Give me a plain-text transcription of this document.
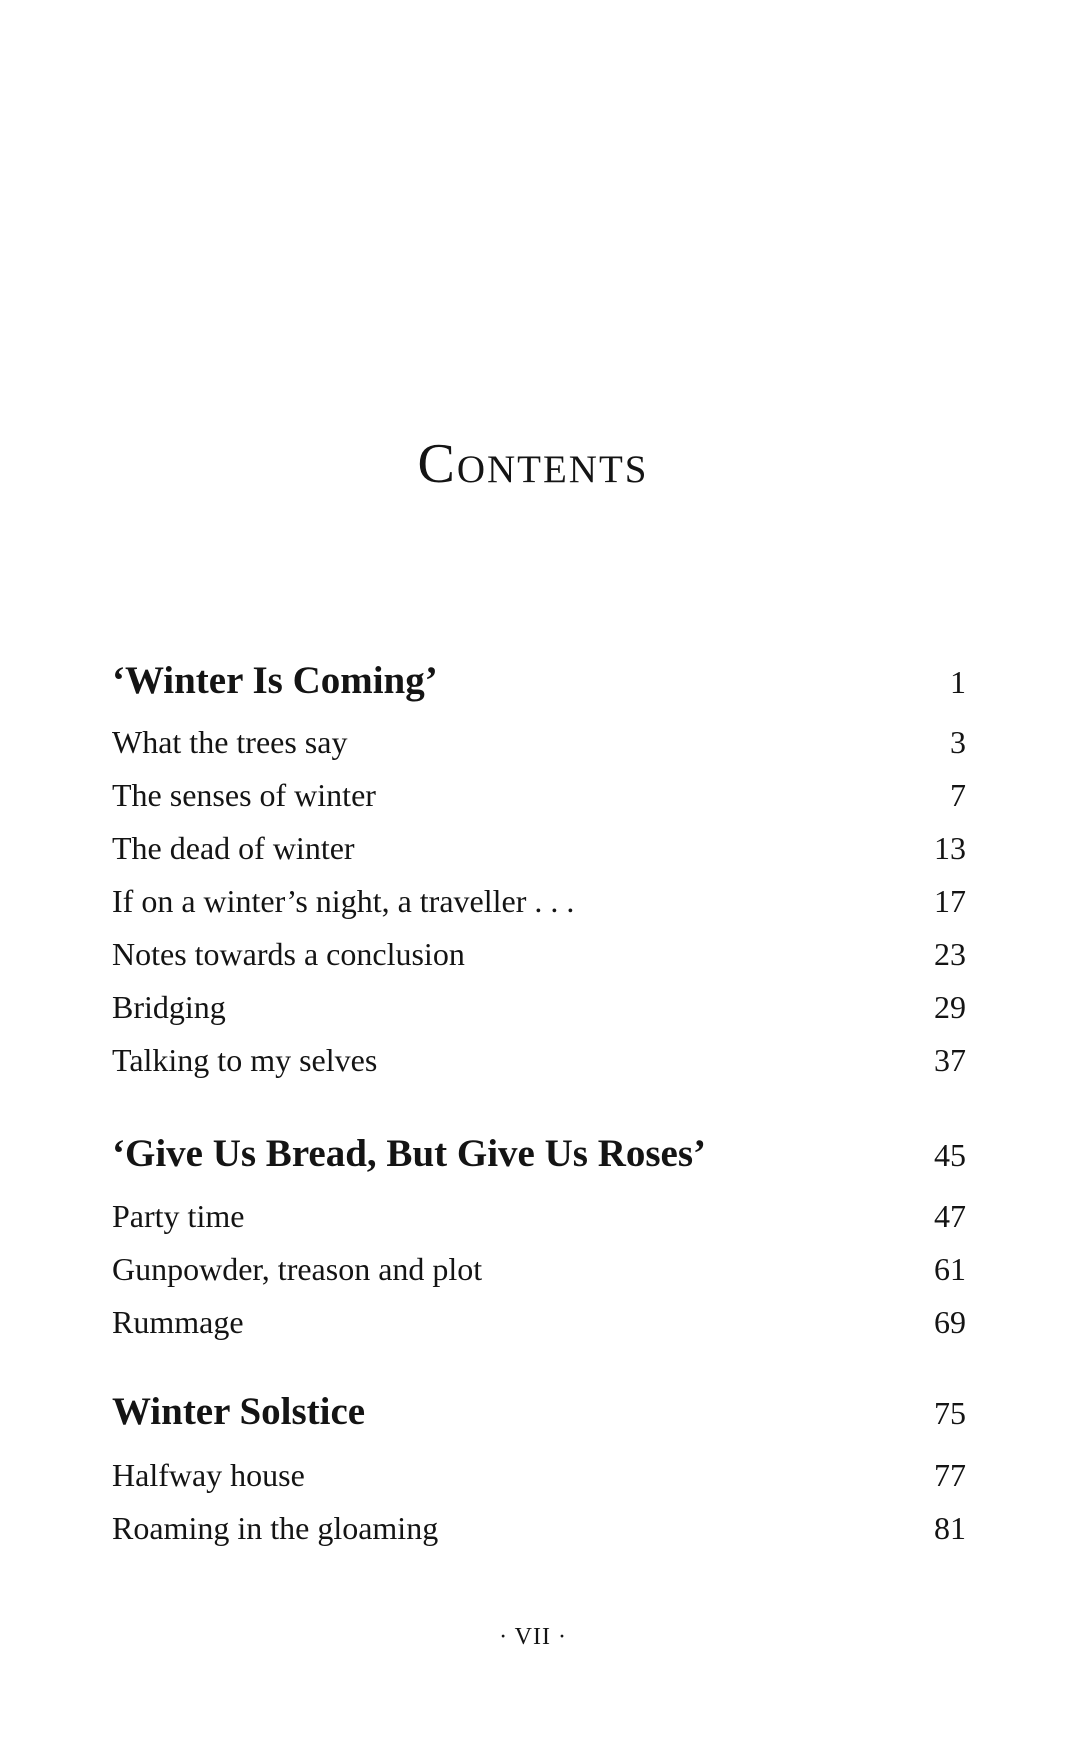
Contents
‘Winter Is Coming’	1
What the trees say	3
The senses of winter	7
The dead of winter	13
If on a winter’s night, a traveller . . .	17
Notes towards a conclusion	23
Bridging	29
Talking to my selves	37
‘Give Us Bread, But Give Us Roses’	45
Party time	47
Gunpowder, treason and plot	61
Rummage	69
Winter Solstice	75
Halfway house	77
Roaming in the gloaming	81
· VII ·
